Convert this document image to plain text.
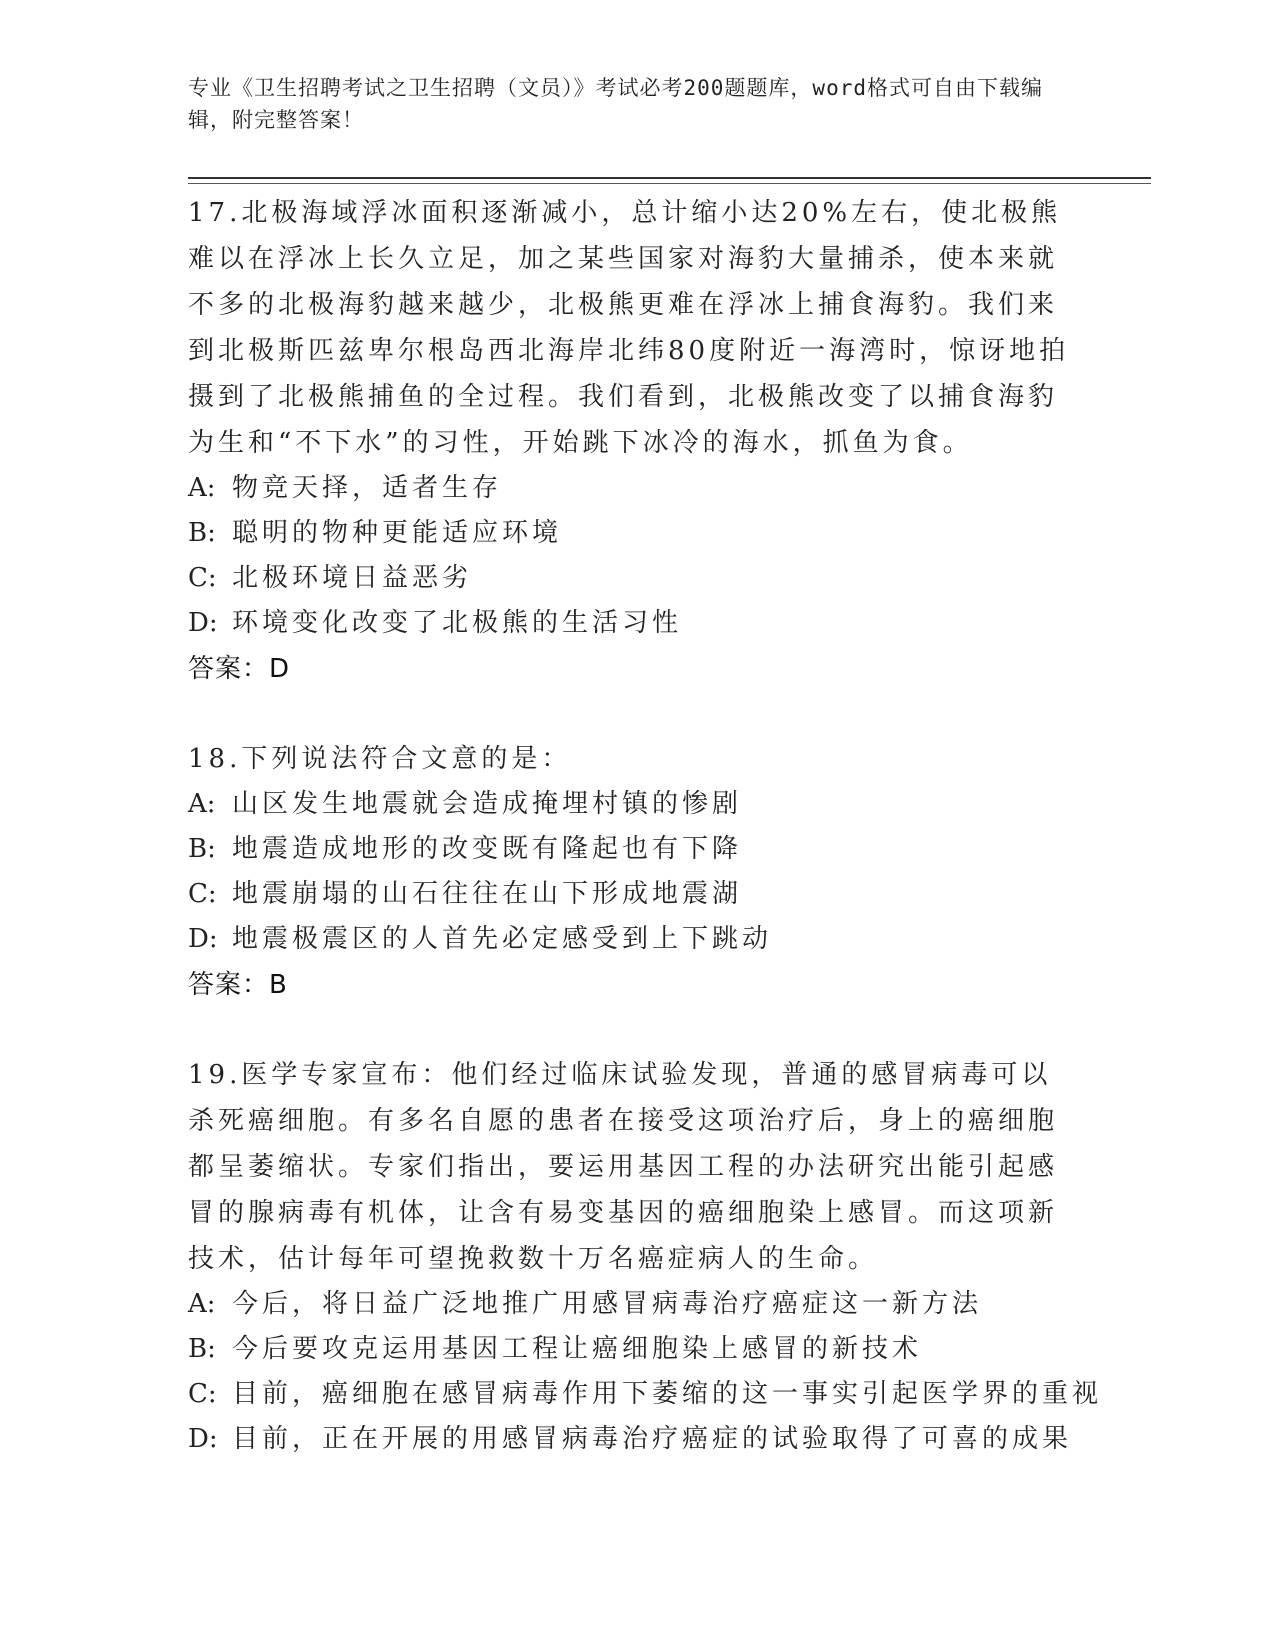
专业《卫生招聘考试之卫生招聘（文员）》考试必考200题题库，word格式可自由下载编辑，附完整答案！

17.北极海域浮冰面积逐渐减小，总计缩小达20%左右，使北极熊难以在浮冰上长久立足，加之某些国家对海豹大量捕杀，使本来就不多的北极海豹越来越少，北极熊更难在浮冰上捕食海豹。我们来到北极斯匹兹卑尔根岛西北海岸北纬80度附近一海湾时，惊讶地拍摄到了北极熊捕鱼的全过程。我们看到，北极熊改变了以捕食海豹为生和“不下水”的习性，开始跳下冰冷的海水，抓鱼为食。

A: 物竞天择，适者生存

B: 聪明的物种更能适应环境

C: 北极环境日益恶劣

D: 环境变化改变了北极熊的生活习性

答案：D

18.下列说法符合文意的是：

A: 山区发生地震就会造成掩埋村镇的惨剧

B: 地震造成地形的改变既有隆起也有下降

C: 地震崩塌的山石往往在山下形成地震湖

D: 地震极震区的人首先必定感受到上下跳动

答案：B

19.医学专家宣布：他们经过临床试验发现，普通的感冒病毒可以杀死癌细胞。有多名自愿的患者在接受这项治疗后，身上的癌细胞都呈萎缩状。专家们指出，要运用基因工程的办法研究出能引起感冒的腺病毒有机体，让含有易变基因的癌细胞染上感冒。而这项新技术，估计每年可望挽救数十万名癌症病人的生命。

A: 今后，将日益广泛地推广用感冒病毒治疗癌症这一新方法

B: 今后要攻克运用基因工程让癌细胞染上感冒的新技术

C: 目前，癌细胞在感冒病毒作用下萎缩的这一事实引起医学界的重视

D: 目前，正在开展的用感冒病毒治疗癌症的试验取得了可喜的成果
